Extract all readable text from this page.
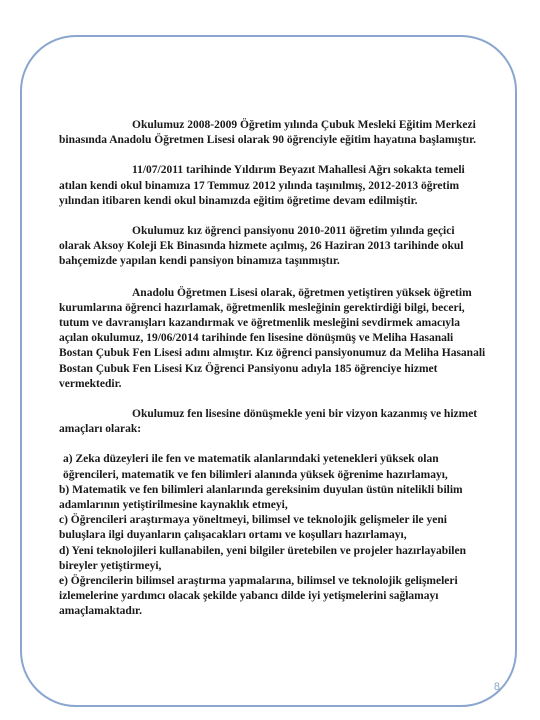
Okulumuz 2008-2009 Öğretim yılında Çubuk Mesleki Eğitim Merkezi binasında Anadolu Öğretmen Lisesi olarak 90 öğrenciyle eğitim hayatına başlamıştır.

11/07/2011 tarihinde Yıldırım Beyazıt Mahallesi Ağrı sokakta temeli atılan kendi okul binamıza 17 Temmuz 2012 yılında taşınılmış, 2012-2013 öğretim yılından itibaren kendi okul binamızda eğitim öğretime devam edilmiştir.

Okulumuz kız öğrenci pansiyonu 2010-2011 öğretim yılında geçici olarak Aksoy Koleji Ek Binasında hizmete açılmış, 26 Haziran 2013 tarihinde okul bahçemizde yapılan kendi pansiyon binamıza taşınmıştır.

Anadolu Öğretmen Lisesi olarak, öğretmen yetiştiren yüksek öğretim kurumlarına öğrenci hazırlamak, öğretmenlik mesleğinin gerektirdiği bilgi, beceri, tutum ve davranışları kazandırmak ve öğretmenlik mesleğini sevdirmek amacıyla açılan okulumuz, 19/06/2014 tarihinde fen lisesine dönüşmüş ve Meliha Hasanali Bostan Çubuk Fen Lisesi adını almıştır. Kız öğrenci pansiyonumuz da Meliha Hasanali Bostan Çubuk Fen Lisesi Kız Öğrenci Pansiyonu adıyla 185 öğrenciye hizmet vermektedir.

Okulumuz fen lisesine dönüşmekle yeni bir vizyon kazanmış ve hizmet amaçları olarak:

a) Zeka düzeyleri ile fen ve matematik alanlarındaki yetenekleri yüksek olan öğrencileri, matematik ve fen bilimleri alanında yüksek öğrenime hazırlamayı,
b) Matematik ve fen bilimleri alanlarında gereksinim duyulan üstün nitelikli bilim adamlarının yetiştirilmesine kaynaklık etmeyi,
c) Öğrencileri araştırmaya yöneltmeyi, bilimsel ve teknolojik gelişmeler ile yeni buluşlara ilgi duyanların çalışacakları ortamı ve koşulları hazırlamayı,
d) Yeni teknolojileri kullanabilen, yeni bilgiler üretebilen ve projeler hazırlayabilen bireyler yetiştirmeyi,
e) Öğrencilerin bilimsel araştırma yapmalarına, bilimsel ve teknolojik gelişmeleri izlemelerine yardımcı olacak şekilde yabancı dilde iyi yetişmelerini sağlamayı amaçlamaktadır.
8
